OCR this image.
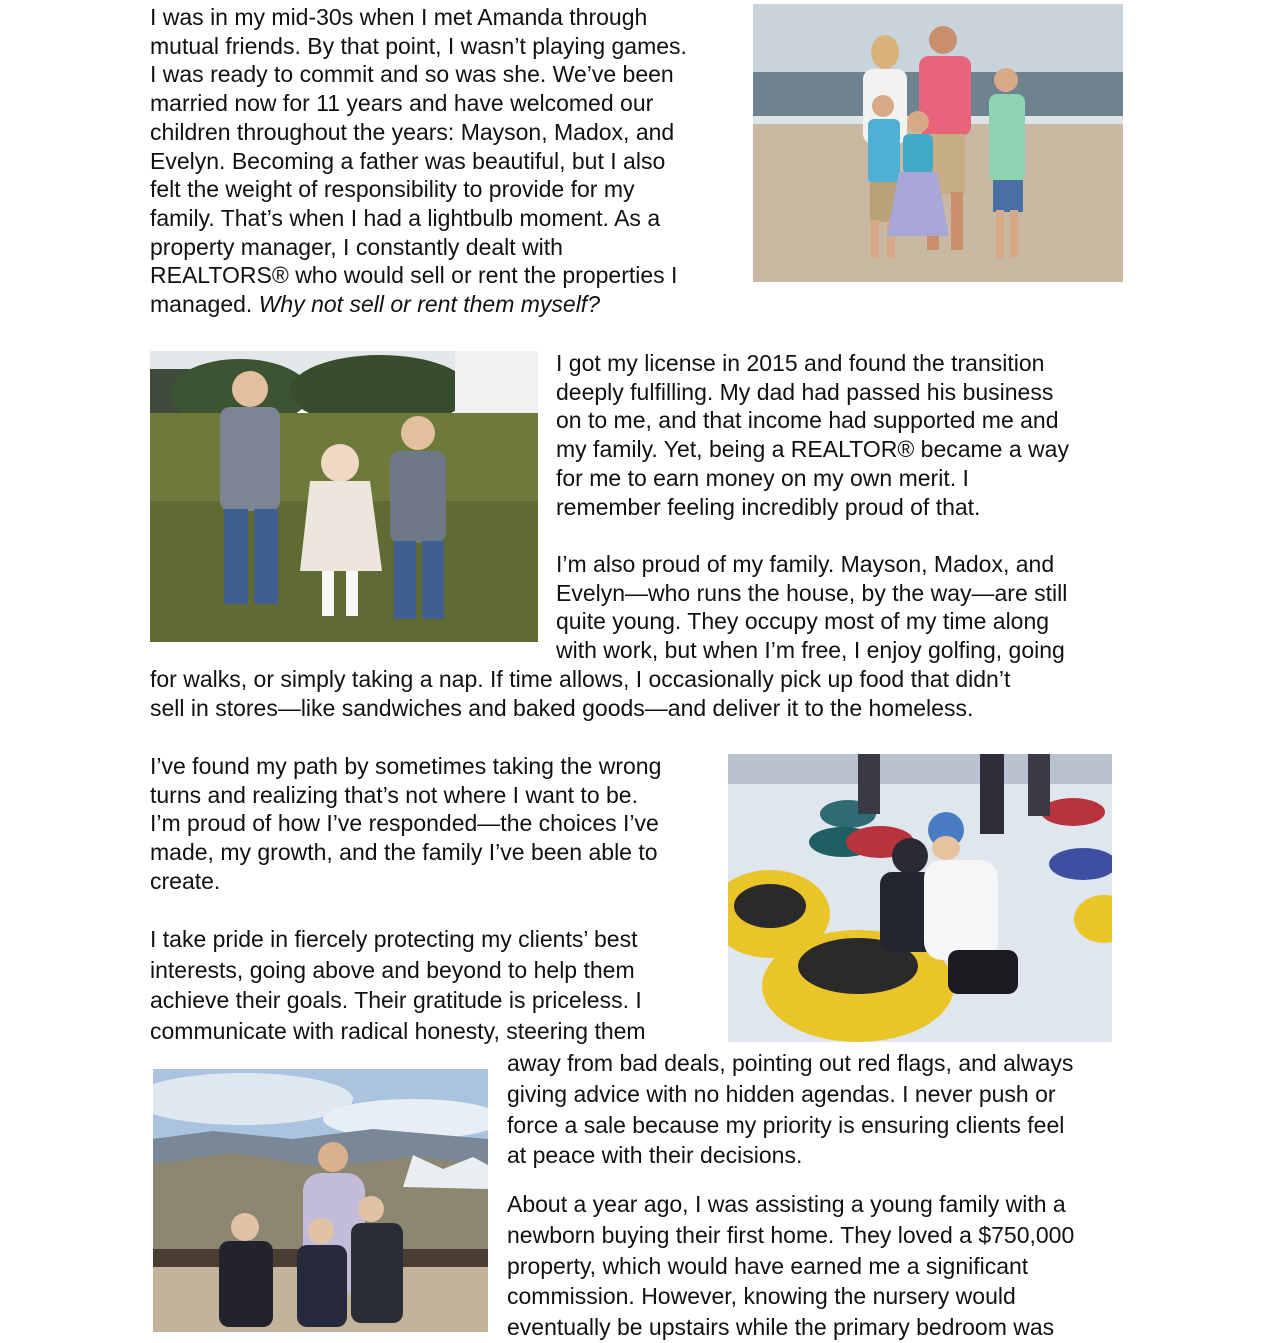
I was in my mid-30s when I met Amanda through
mutual friends. By that point, I wasn’t playing games.
I was ready to commit and so was she. We’ve been
married now for 11 years and have welcomed our
children throughout the years: Mayson, Madox, and
Evelyn. Becoming a father was beautiful, but I also
felt the weight of responsibility to provide for my
family. That’s when I had a lightbulb moment. As a
property manager, I constantly dealt with
REALTORS® who would sell or rent the properties I
managed. Why not sell or rent them myself?
I got my license in 2015 and found the transition
deeply fulfilling. My dad had passed his business
on to me, and that income had supported me and
my family. Yet, being a REALTOR® became a way
for me to earn money on my own merit. I
remember feeling incredibly proud of that.
I’m also proud of my family. Mayson, Madox, and
Evelyn—who runs the house, by the way—are still
quite young. They occupy most of my time along
with work, but when I’m free, I enjoy golfing, going
for walks, or simply taking a nap. If time allows, I occasionally pick up food that didn’t
sell in stores—like sandwiches and baked goods—and deliver it to the homeless.
I’ve found my path by sometimes taking the wrong
turns and realizing that’s not where I want to be.
I’m proud of how I’ve responded—the choices I’ve
made, my growth, and the family I’ve been able to
create.
I take pride in fiercely protecting my clients’ best
interests, going above and beyond to help them
achieve their goals. Their gratitude is priceless. I
communicate with radical honesty, steering them
away from bad deals, pointing out red flags, and always
giving advice with no hidden agendas. I never push or
force a sale because my priority is ensuring clients feel
at peace with their decisions.
About a year ago, I was assisting a young family with a
newborn buying their first home. They loved a $750,000
property, which would have earned me a significant
commission. However, knowing the nursery would
eventually be upstairs while the primary bedroom was
